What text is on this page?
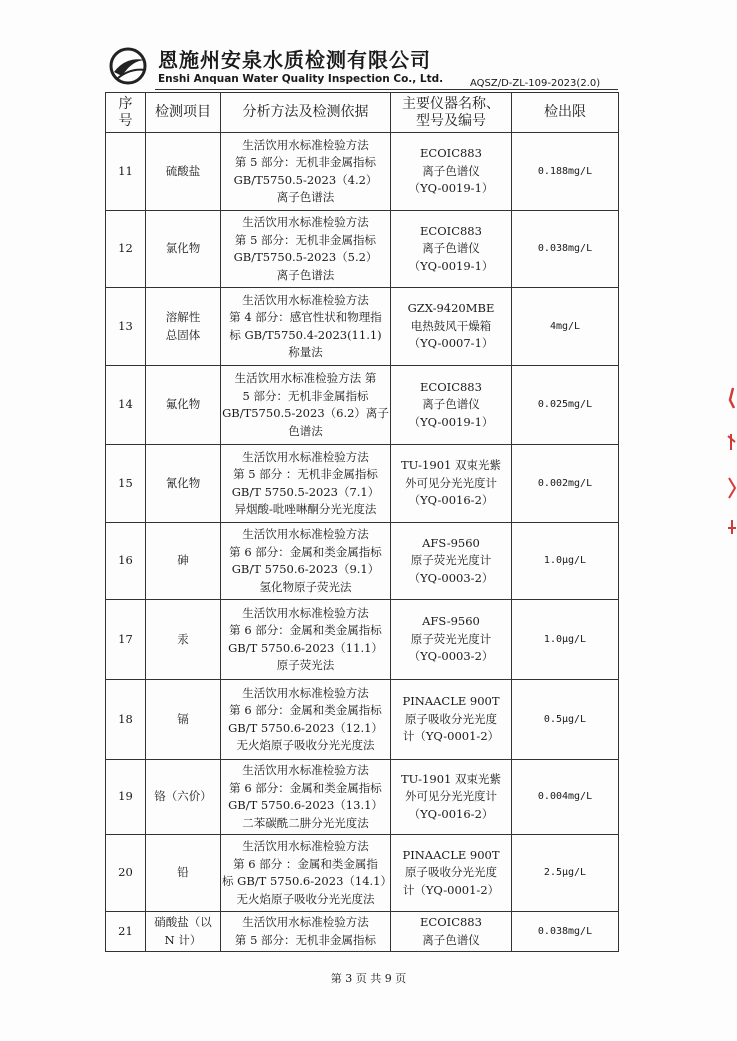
恩施州安泉水质检测有限公司
Enshi Anquan Water Quality Inspection Co., Ltd.	AQSZ/D-ZL-109-2023(2.0)
序
号	检测项目	分析方法及检测依据	主要仪器名称、
型号及编号	检出限
11	硫酸盐	生活饮用水标准检验方法
第 5 部分：无机非金属指标
GB/T5750.5-2023（4.2）
离子色谱法	ECOIC883
离子色谱仪
（YQ-0019-1）	0.188mg/L
12	氯化物	生活饮用水标准检验方法
第 5 部分：无机非金属指标
GB/T5750.5-2023（5.2）
离子色谱法	ECOIC883
离子色谱仪
（YQ-0019-1）	0.038mg/L
13	溶解性
总固体	生活饮用水标准检验方法
第 4 部分：感官性状和物理指
标 GB/T5750.4-2023(11.1)
称量法	GZX-9420MBE
电热鼓风干燥箱
（YQ-0007-1）	4mg/L
14	氟化物	生活饮用水标准检验方法 第
5 部分：无机非金属指标
GB/T5750.5-2023（6.2）离子
色谱法	ECOIC883
离子色谱仪
（YQ-0019-1）	0.025mg/L
15	氰化物	生活饮用水标准检验方法
第 5 部分 ：无机非金属指标
GB/T 5750.5-2023（7.1）
异烟酸-吡唑啉酮分光光度法	TU-1901 双束光紫
外可见分光光度计
（YQ-0016-2）	0.002mg/L
16	砷	生活饮用水标准检验方法
第 6 部分：金属和类金属指标
GB/T 5750.6-2023（9.1）
氢化物原子荧光法	AFS-9560
原子荧光光度计
（YQ-0003-2）	1.0μg/L
17	汞	生活饮用水标准检验方法
第 6 部分：金属和类金属指标
GB/T 5750.6-2023（11.1）
原子荧光法	AFS-9560
原子荧光光度计
（YQ-0003-2）	1.0μg/L
18	镉	生活饮用水标准检验方法
第 6 部分：金属和类金属指标
GB/T 5750.6-2023（12.1）
无火焰原子吸收分光光度法	PINAACLE 900T
原子吸收分光光度
计（YQ-0001-2）	0.5μg/L
19	铬（六价）	生活饮用水标准检验方法
第 6 部分：金属和类金属指标
GB/T 5750.6-2023（13.1）
二苯碳酰二肼分光光度法	TU-1901 双束光紫
外可见分光光度计
（YQ-0016-2）	0.004mg/L
20	铅	生活饮用水标准检验方法
第 6 部分 ：金属和类金属指
标 GB/T 5750.6-2023（14.1）
无火焰原子吸收分光光度法	PINAACLE 900T
原子吸收分光光度
计（YQ-0001-2）	2.5μg/L
21	硝酸盐（以
N 计）	生活饮用水标准检验方法
第 5 部分：无机非金属指标	ECOIC883
离子色谱仪	0.038mg/L
第 3 页 共 9 页
